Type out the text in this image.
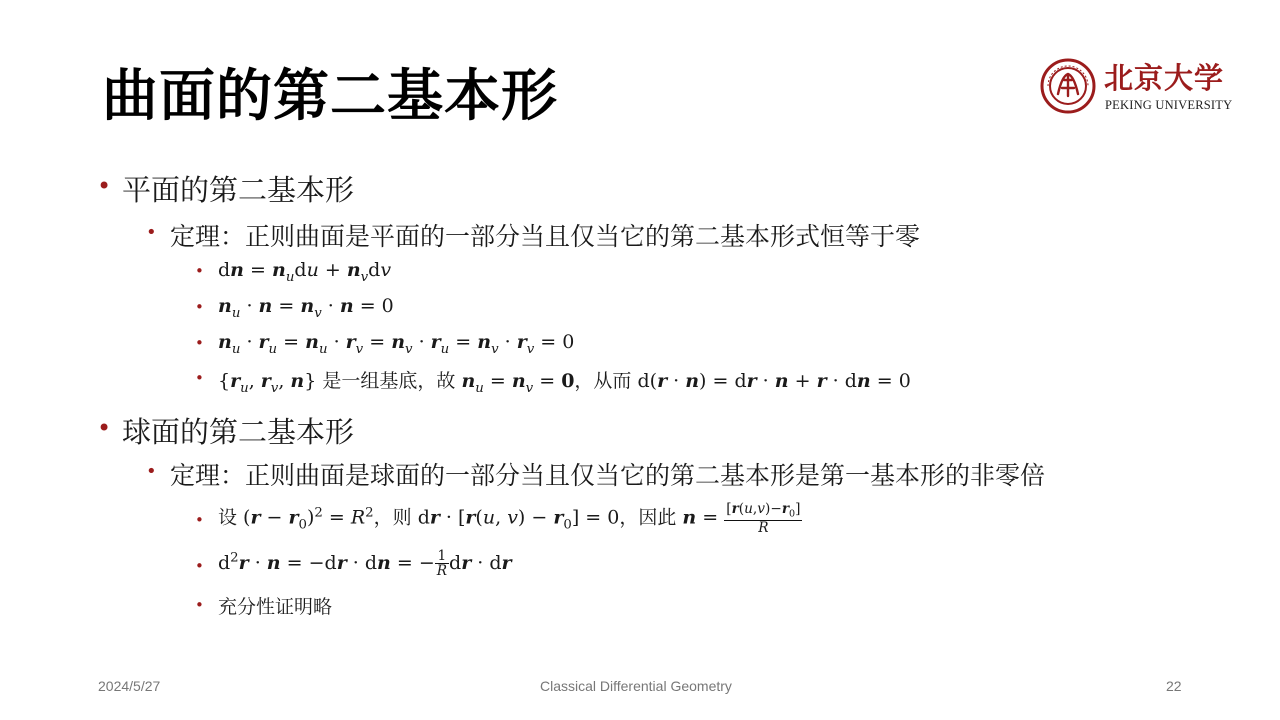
曲面的第二基本形	北京大学
PEKING UNIVERSITY
• 平面的第二基本形
• 定理：正则曲面是平面的一部分当且仅当它的第二基本形式恒等于零
• dn = $n_udu + n_vdv$
• $n_u \cdot n = n_v \cdot n = 0$
• $n_u \cdot r_u = n_u \cdot r_v = n_v \cdot r_u = n_v \cdot r_v = 0$
• {$r_u$, $r_v$, n} 是一组基底，故 $n_u = n_v = 0$，从而 d(r · n) = dr · n + r · dn = 0
• 球面的第二基本形
• 定理：正则曲面是球面的一部分当且仅当它的第二基本形是第一基本形的非零倍
• 设 $(r - r_0)^2 = R^2$，则 dr · [r(u, $v) - r_0] = 0$，因此 $n = \frac{[r(u,v)-r_0]}{R}$
• $d^2r \cdot n = -dr$ · dn = − $\frac{1}{R}$ dr · dr
• 充分性证明略
2024/5/27	Classical Differential Geometry	22
